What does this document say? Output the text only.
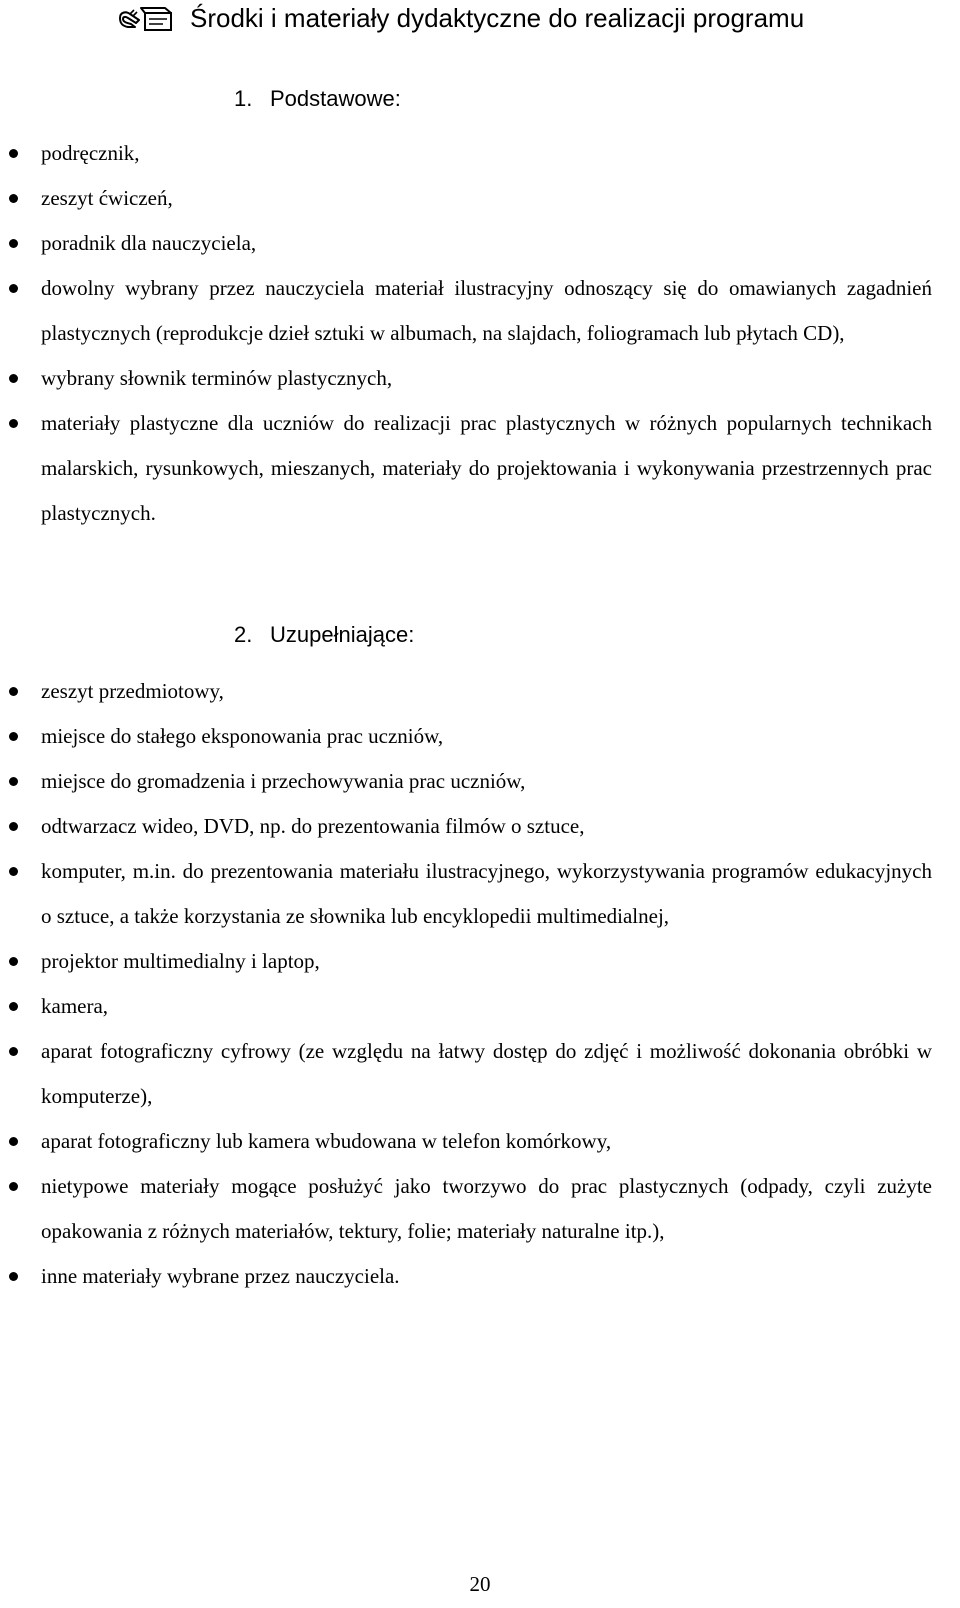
Środki i materiały dydaktyczne do realizacji programu
1. Podstawowe:
podręcznik,
zeszyt ćwiczeń,
poradnik dla nauczyciela,
dowolny wybrany przez nauczyciela materiał ilustracyjny odnoszący się do omawianych zagadnień plastycznych (reprodukcje dzieł sztuki w albumach, na slajdach, foliogramach lub płytach CD),
wybrany słownik terminów plastycznych,
materiały plastyczne dla uczniów do realizacji prac plastycznych w różnych popularnych technikach malarskich, rysunkowych, mieszanych, materiały do projektowania i wykonywania przestrzennych prac plastycznych.
2. Uzupełniające:
zeszyt przedmiotowy,
miejsce do stałego eksponowania prac uczniów,
miejsce do gromadzenia i przechowywania prac uczniów,
odtwarzacz wideo, DVD, np. do prezentowania filmów o sztuce,
komputer, m.in. do prezentowania materiału ilustracyjnego, wykorzystywania programów edukacyjnych o sztuce, a także korzystania ze słownika lub encyklopedii multimedialnej,
projektor multimedialny i laptop,
kamera,
aparat fotograficzny cyfrowy (ze względu na łatwy dostęp do zdjęć i możliwość dokonania obróbki w komputerze),
aparat fotograficzny lub kamera wbudowana w telefon komórkowy,
nietypowe materiały mogące posłużyć jako tworzywo do prac plastycznych (odpady, czyli zużyte opakowania z różnych materiałów, tektury, folie; materiały naturalne itp.),
inne materiały wybrane przez nauczyciela.
20
